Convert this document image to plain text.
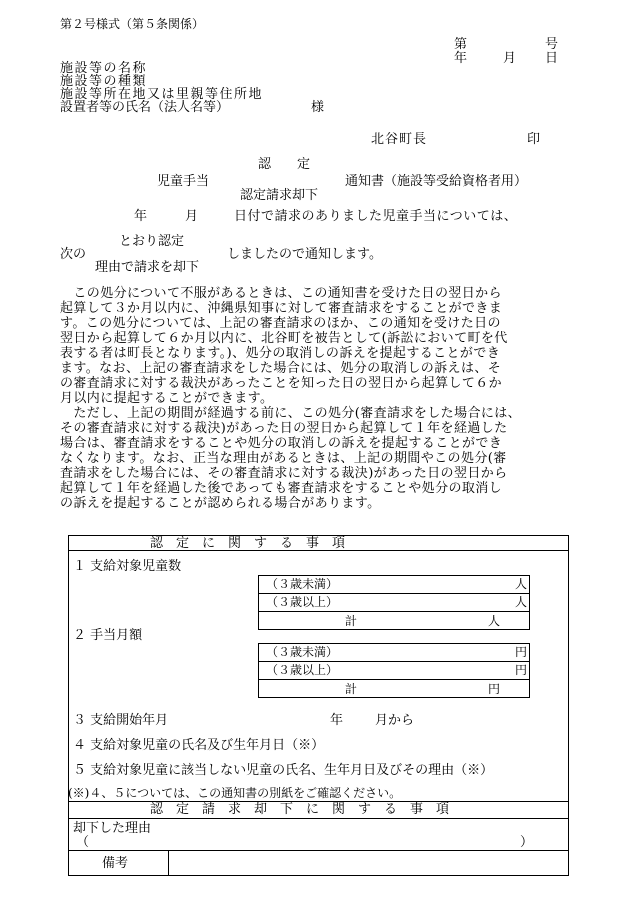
第２号様式（第５条関係）
第	号
年	月 日
施設等の名称
施設等の種類
施設等所在地又は里親等住所地
設置者等の氏名（法人名等）	様
北谷町長	印
認　　定
児童手当	通知書（施設等受給資格者用）
認定請求却下
年	月	日付で請求のありました児童手当については、
とおり認定
次の	しましたので通知します。
理由で請求を却下
　この処分について不服があるときは、この通知書を受けた日の翌日から
起算して３か月以内に、沖縄県知事に対して審査請求をすることができま
す。この処分については、上記の審査請求のほか、この通知を受けた日の
翌日から起算して６か月以内に、北谷町を被告として(訴訟において町を代
表する者は町長となります。)、処分の取消しの訴えを提起することができ
ます。なお、上記の審査請求をした場合には、処分の取消しの訴えは、そ
の審査請求に対する裁決があったことを知った日の翌日から起算して６か
月以内に提起することができます。
　ただし、上記の期間が経過する前に、この処分(審査請求をした場合には、
その審査請求に対する裁決)があった日の翌日から起算して１年を経過した
場合は、審査請求をすることや処分の取消しの訴えを提起することができ
なくなります。なお、正当な理由があるときは、上記の期間やこの処分(審
査請求をした場合には、その審査請求に対する裁決)があった日の翌日から
起算して１年を経過した後であっても審査請求をすることや処分の取消し
の訴えを提起することが認められる場合があります。
認　定　に　関　す　る　事　項
１ 支給対象児童数
（３歳未満）	人
（３歳以上）	人
計	人
２ 手当月額
（３歳未満）	円
（３歳以上）	円
計	円
３ 支給開始年月	年 月から
４ 支給対象児童の氏名及び生年月日（※）
５ 支給対象児童に該当しない児童の氏名、生年月日及びその理由（※）
(※)４、５については、この通知書の別紙をご確認ください。
認　定　請　求　却　下　に　関　す　る　事　項
却下した理由
（	）
備考
